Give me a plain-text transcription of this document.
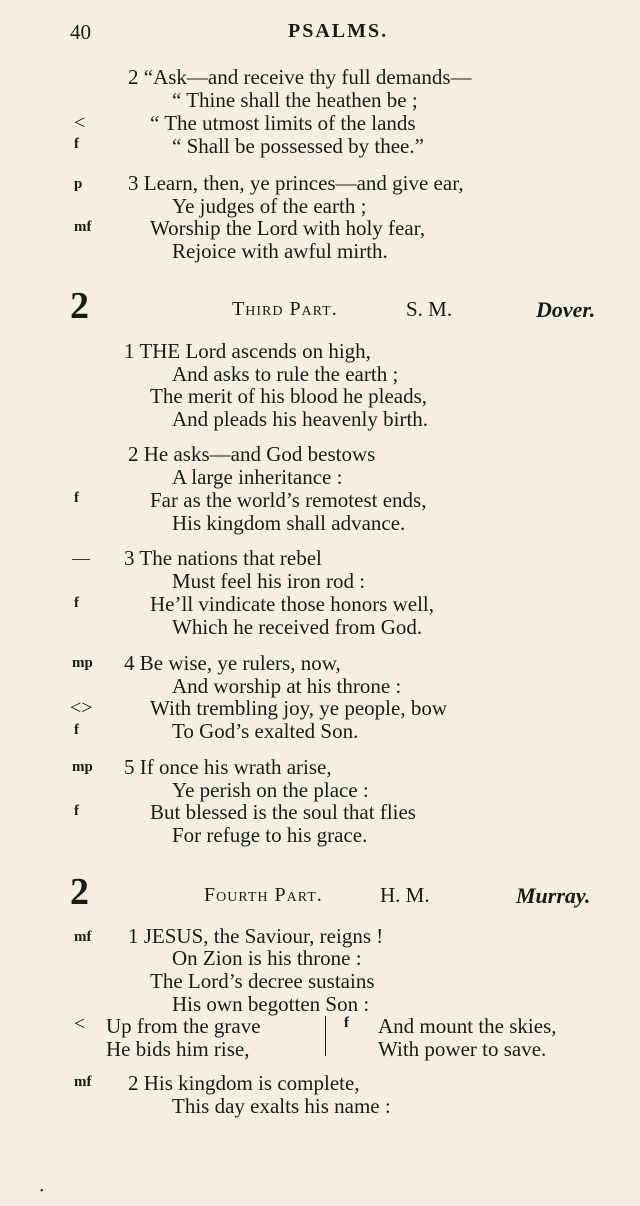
40	PSALMS.
2 “Ask—and receive thy full demands—
“ Thine shall the heathen be ;
<	“ The utmost limits of the lands
f	“ Shall be possessed by thee.”
p 3 Learn, then, ye princes—and give ear,
Ye judges of the earth ;
mf	Worship the Lord with holy fear,
Rejoice with awful mirth.
2	Third Part.	S. M.	Dover.
1 THE Lord ascends on high,
And asks to rule the earth ;
The merit of his blood he pleads,
And pleads his heavenly birth.
2 He asks—and God bestows
A large inheritance :
f	Far as the world’s remotest ends,
His kingdom shall advance.
— 3 The nations that rebel
Must feel his iron rod :
f	He’ll vindicate those honors well,
Which he received from God.
mp 4 Be wise, ye rulers, now,
And worship at his throne :
<>	With trembling joy, ye people, bow
f	To God’s exalted Son.
mp 5 If once his wrath arise,
Ye perish on the place :
f	But blessed is the soul that flies
For refuge to his grace.
2	Fourth Part.	H. M.	Murray.
mf 1 JESUS, the Saviour, reigns !
On Zion is his throne :
The Lord’s decree sustains
His own begotten Son :
< Up from the grave
He bids him rise,
f And mount the skies,
With power to save.
mf 2 His kingdom is complete,
This day exalts his name :
•
